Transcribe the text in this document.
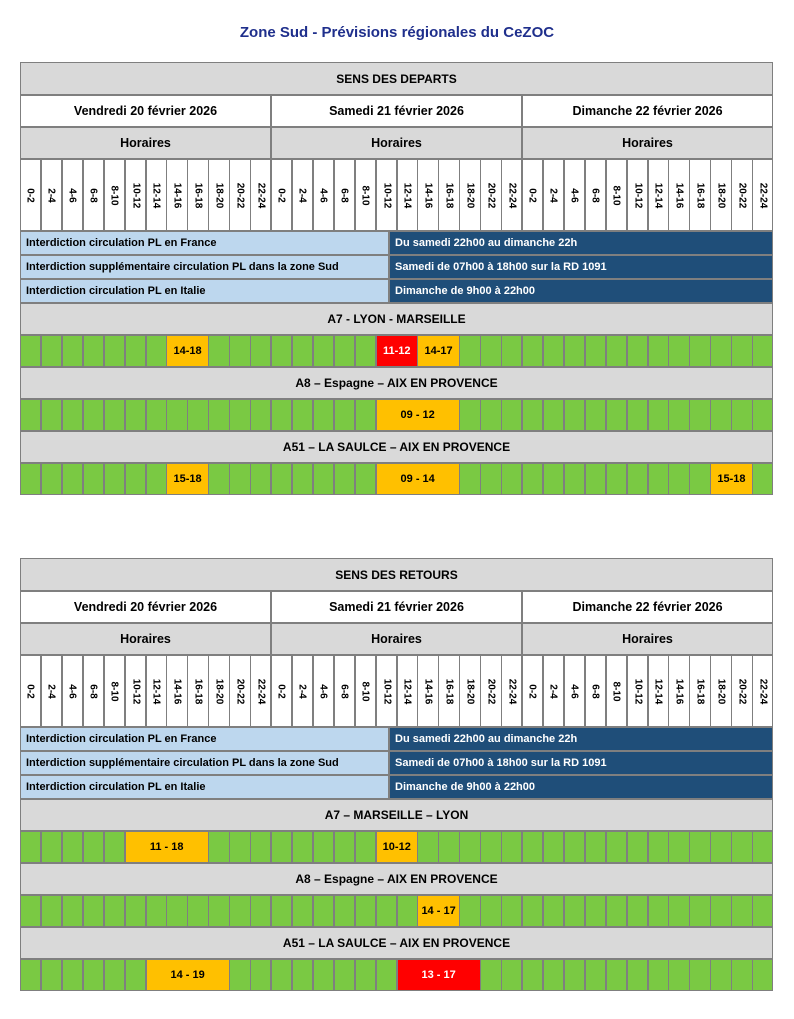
Zone Sud - Prévisions régionales du CeZOC
SENS DES DEPARTS
Vendredi 20 février 2026	Samedi 21 février 2026	Dimanche 22 février 2026
Horaires	Horaires	Horaires
0-2 2-4 4-6 6-8 8-10 10-12 12-14 14-16 16-18 18-20 20-22 22-24 0-2 2-4 4-6 6-8 8-10 10-12 12-14 14-16 16-18 18-20 20-22 22-24 0-2 2-4 4-6 6-8 8-10 10-12 12-14 14-16 16-18 18-20 20-22 22-24
Interdiction circulation PL en France	Du samedi 22h00 au dimanche 22h
Interdiction supplémentaire circulation PL dans la zone Sud	Samedi de 07h00 à 18h00 sur la RD 1091
Interdiction circulation PL en Italie	Dimanche de 9h00 à 22h00
A7 - LYON - MARSEILLE
14-18	11-12	14-17
A8 – Espagne – AIX EN PROVENCE
09 - 12
A51 – LA SAULCE – AIX EN PROVENCE
15-18	09 - 14	15-18
SENS DES RETOURS
Vendredi 20 février 2026	Samedi 21 février 2026	Dimanche 22 février 2026
Horaires	Horaires	Horaires
0-2 2-4 4-6 6-8 8-10 10-12 12-14 14-16 16-18 18-20 20-22 22-24 0-2 2-4 4-6 6-8 8-10 10-12 12-14 14-16 16-18 18-20 20-22 22-24 0-2 2-4 4-6 6-8 8-10 10-12 12-14 14-16 16-18 18-20 20-22 22-24
Interdiction circulation PL en France	Du samedi 22h00 au dimanche 22h
Interdiction supplémentaire circulation PL dans la zone Sud	Samedi de 07h00 à 18h00 sur la RD 1091
Interdiction circulation PL en Italie	Dimanche de 9h00 à 22h00
A7 – MARSEILLE – LYON
11 - 18	10-12
A8 – Espagne – AIX EN PROVENCE
14 - 17
A51 – LA SAULCE – AIX EN PROVENCE
14 - 19	13 - 17
